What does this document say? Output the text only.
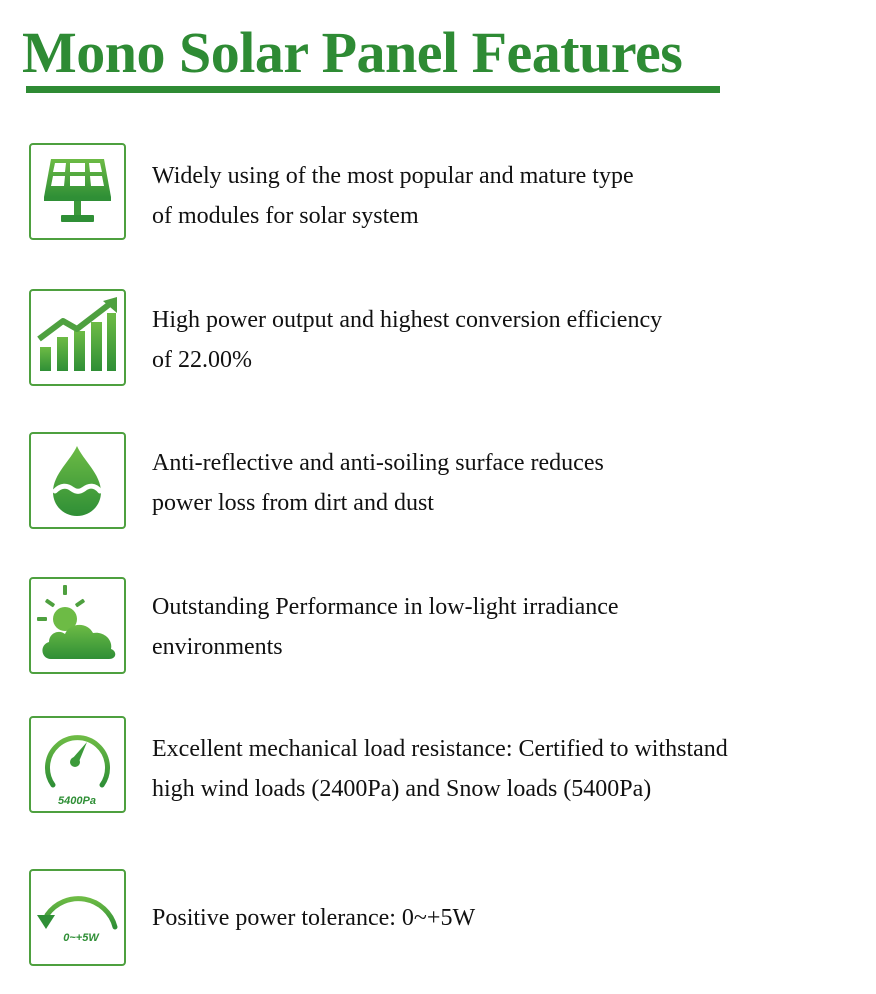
Mono Solar Panel Features
Widely using of the most popular and mature type
of modules for solar system
High power output and highest conversion efficiency
of 22.00%
Anti-reflective and anti-soiling surface reduces
power loss from dirt and dust
Outstanding Performance in low-light irradiance
environments
5400Pa
Excellent mechanical load resistance: Certified to withstand
high wind loads (2400Pa) and Snow loads (5400Pa)
0~+5W
Positive power tolerance: 0~+5W
